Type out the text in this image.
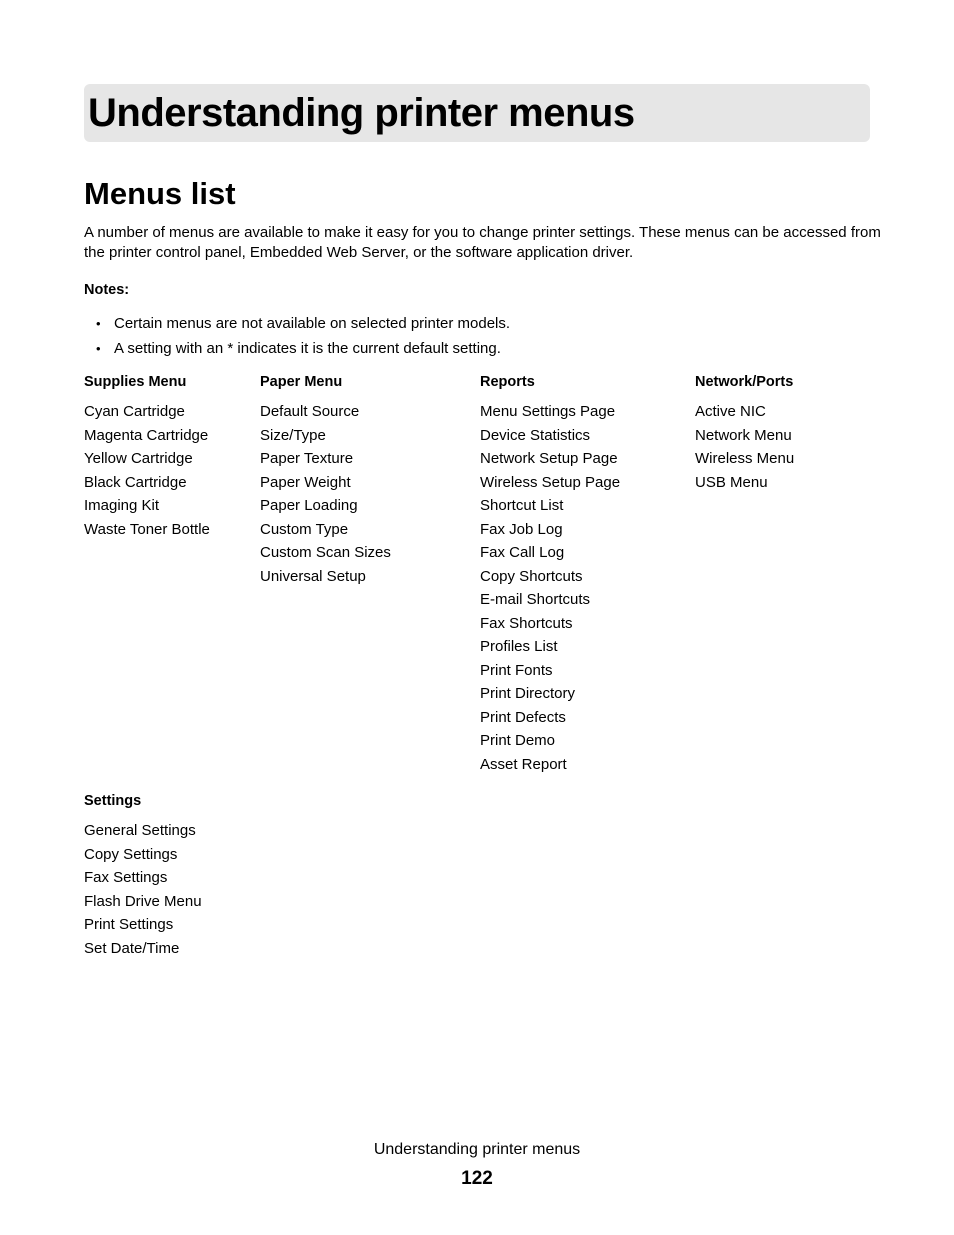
Understanding printer menus
Menus list

A number of menus are available to make it easy for you to change printer settings. These menus can be accessed from the printer control panel, Embedded Web Server, or the software application driver.

Notes:

• Certain menus are not available on selected printer models.
• A setting with an * indicates it is the current default setting.

Supplies Menu

Cyan Cartridge
Magenta Cartridge
Yellow Cartridge
Black Cartridge
Imaging Kit
Waste Toner Bottle

Paper Menu

Default Source
Size/Type
Paper Texture
Paper Weight
Paper Loading
Custom Type
Custom Scan Sizes
Universal Setup

Reports

Menu Settings Page
Device Statistics
Network Setup Page
Wireless Setup Page
Shortcut List
Fax Job Log
Fax Call Log
Copy Shortcuts
E-mail Shortcuts
Fax Shortcuts
Profiles List
Print Fonts
Print Directory
Print Defects
Print Demo
Asset Report

Network/Ports

Active NIC
Network Menu
Wireless Menu
USB Menu

Settings

General Settings
Copy Settings
Fax Settings
Flash Drive Menu
Print Settings
Set Date/Time
Understanding printer menus
122
